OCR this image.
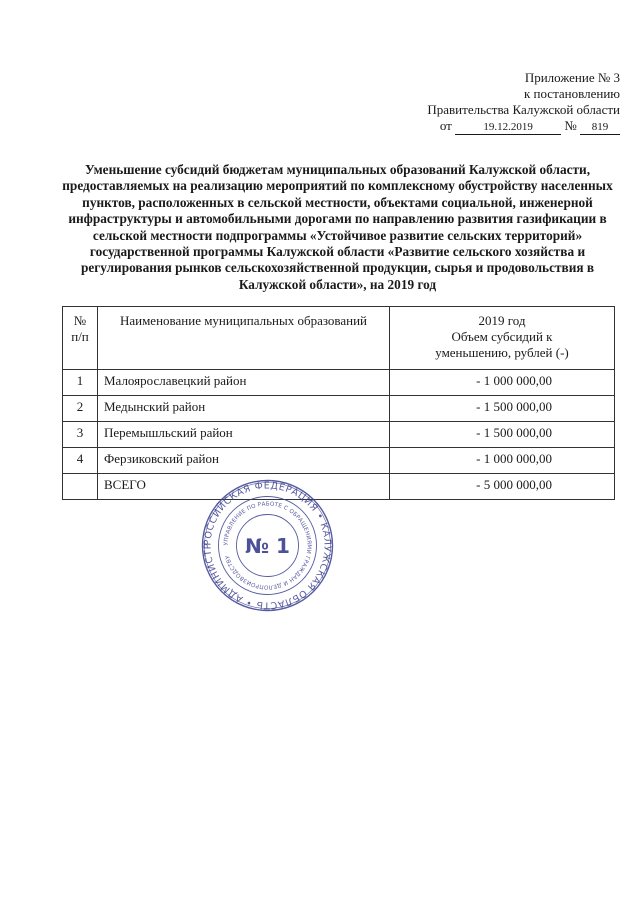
Приложение № 3
к постановлению
Правительства Калужской области
от	19.12.2019 № 819
Уменьшение субсидий бюджетам муниципальных образований Калужской области, предоставляемых на реализацию мероприятий по комплексному обустройству населенных пунктов, расположенных в сельской местности, объектами социальной, инженерной инфраструктуры и автомобильными дорогами по направлению развития газификации в сельской местности подпрограммы «Устойчивое развитие сельских территорий» государственной программы Калужской области «Развитие сельского хозяйства и регулирования рынков сельскохозяйственной продукции, сырья и продовольствия в Калужской области», на 2019 год
№
п/п	Наименование муниципальных образований	2019 год
Объем субсидий к
уменьшению, рублей (-)
1	Малоярославецкий район	- 1 000 000,00
2	Медынский район	- 1 500 000,00
3	Перемышльский район	- 1 500 000,00
4	Ферзиковский район	- 1 000 000,00
	ВСЕГО	- 5 000 000,00
РОССИЙСКАЯ ФЕДЕРАЦИЯ • КАЛУЖСКАЯ ОБЛАСТЬ • АДМИНИСТР	УПРАВЛЕНИЕ ПО РАБОТЕ С ОБРАЩЕНИЯМИ ГРАЖДАН И ДЕЛОПРОИЗВОДСТВУ № 1
